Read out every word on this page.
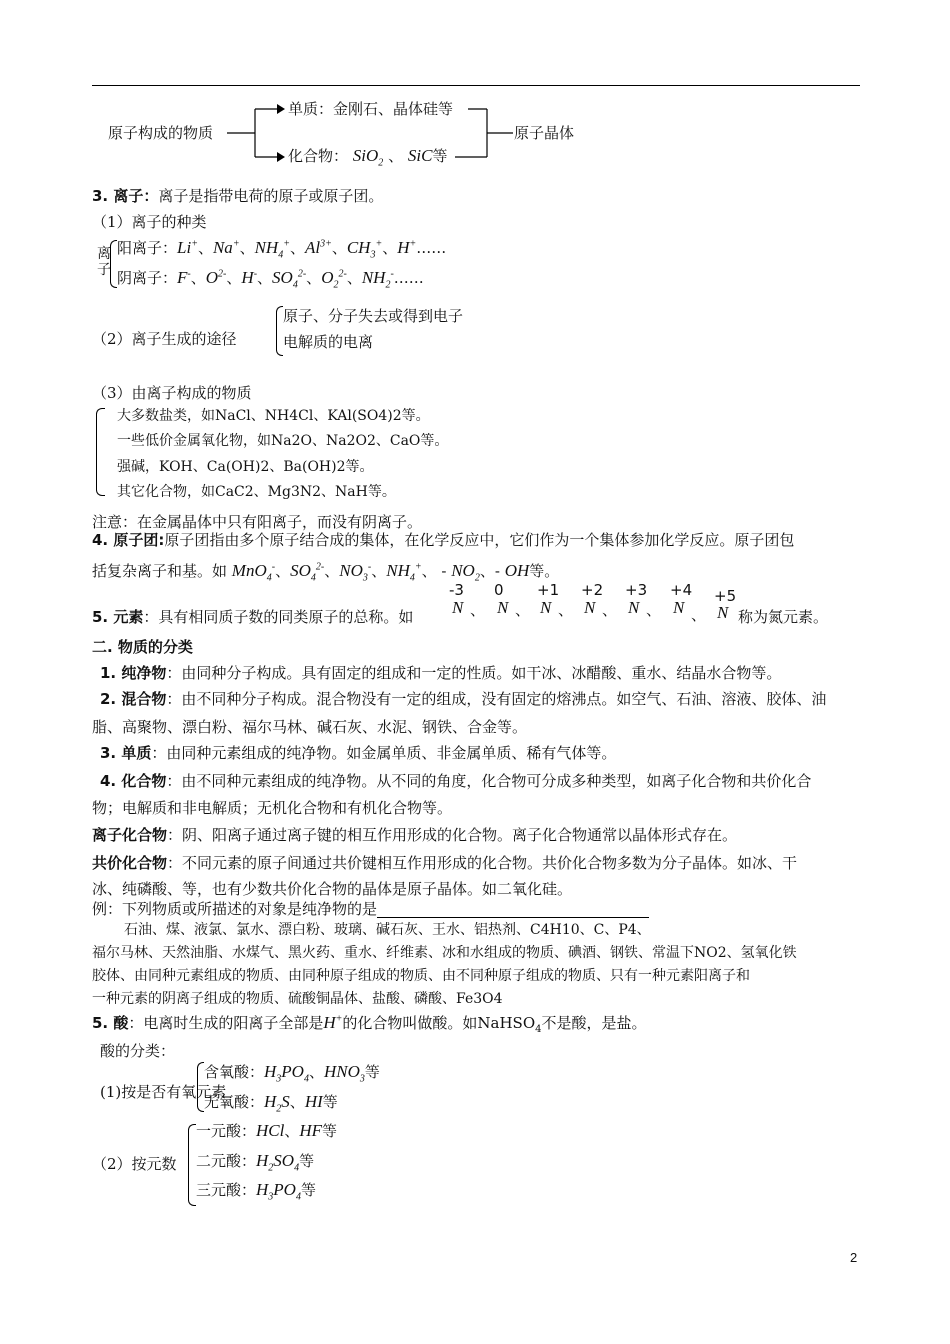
原子构成的物质
单质：金刚石、晶体硅等
化合物： SiO$_2$ 、 SiC等
原子晶体
3. 离子：离子是指带电荷的原子或原子团。
（1）离子的种类
离子
阳离子：Li+、Na+、$NH_4^+$、$Al^{3+}$、$CH_3^+$、H+……
阴离子：F-、$O^{2-}$、H-、$SO_4^{2-}$、$O_2^{2-}$、$NH_2^-\dots\dots$
（2）离子生成的途径
原子、分子失去或得到电子
电解质的电离
（3）由离子构成的物质
大多数盐类，如NaCl、NH4Cl、KAl(SO4)2等。
一些低价金属氧化物，如Na2O、Na2O2、CaO等。
强碱，KOH、Ca(OH)2、Ba(OH)2等。
其它化合物，如CaC2、Mg3N2、NaH等。
注意：在金属晶体中只有阳离子，而没有阴离子。
4. 原子团:原子团指由多个原子结合成的集体，在化学反应中，它们作为一个集体参加化学反应。原子团包
括复杂离子和基。如 MnO$_4$-、$SO_4^{2-}$、$NO_3^-$、$NH_4^+$、 - $NO_2$、- OH等。
5. 元素：具有相同质子数的同类原子的总称。如
-3
N 、
0
N 、
+1
N 、
+2
N 、
+3
N 、
+4
N 、
+5
N 称为氮元素。
二. 物质的分类
1. 纯净物：由同种分子构成。具有固定的组成和一定的性质。如干冰、冰醋酸、重水、结晶水合物等。
2. 混合物：由不同种分子构成。混合物没有一定的组成，没有固定的熔沸点。如空气、石油、溶液、胶体、油
脂、高聚物、漂白粉、福尔马林、碱石灰、水泥、钢铁、合金等。
3. 单质：由同种元素组成的纯净物。如金属单质、非金属单质、稀有气体等。
4. 化合物：由不同种元素组成的纯净物。从不同的角度，化合物可分成多种类型，如离子化合物和共价化合
物；电解质和非电解质；无机化合物和有机化合物等。
离子化合物：阴、阳离子通过离子键的相互作用形成的化合物。离子化合物通常以晶体形式存在。
共价化合物：不同元素的原子间通过共价键相互作用形成的化合物。共价化合物多数为分子晶体。如冰、干
冰、纯磷酸、等，也有少数共价化合物的晶体是原子晶体。如二氧化硅。
例：下列物质或所描述的对象是纯净物的是
石油、煤、液氯、氯水、漂白粉、玻璃、碱石灰、王水、铝热剂、C4H10、C、P4、
福尔马林、天然油脂、水煤气、黑火药、重水、纤维素、冰和水组成的物质、碘酒、钢铁、常温下NO2、氢氧化铁
胶体、由同种元素组成的物质、由同种原子组成的物质、由不同种原子组成的物质、只有一种元素阳离子和
一种元素的阴离子组成的物质、硫酸铜晶体、盐酸、磷酸、Fe3O4
5. 酸：电离时生成的阳离子全部是H+的化合物叫做酸。如NaHSO$_4$不是酸，是盐。
酸的分类：
(1)按是否有氧元素
含氧酸：$H_3PO_4$、$HNO_3$等
无氧酸：$H_2S$、HI等
（2）按元数
一元酸：HCl、HF等
二元酸：$H_2SO_4$等
三元酸：$H_3PO_4$等
2
